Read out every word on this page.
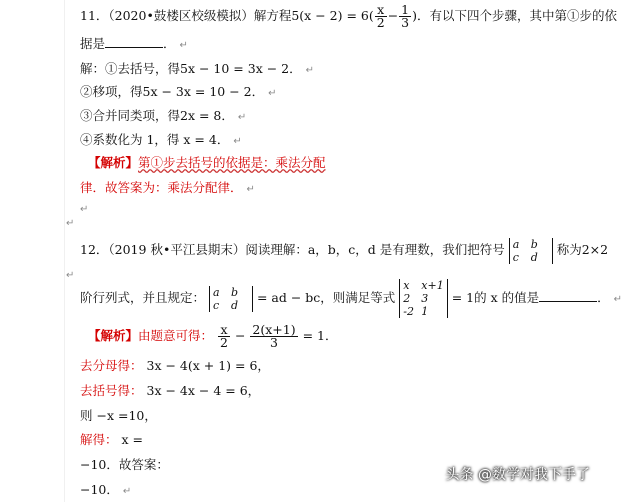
11．（2020•鼓楼区校级模拟）解方程$5(x - 2) = 6( \frac{x}{2} - \frac{1}{3}$ )．有以下四个步骤，其中第①步的依
据是	． ↵
解：①去括号，得5x − 10 = 3x − 2． ↵
②移项，得5x − 3x = 10 − 2． ↵
③合并同类项，得2x = 8． ↵
④系数化为 1，得 x = 4． ↵
【解析】第①步去括号的依据是：乘法分配
律．故答案为：乘法分配律． ↵
↵
↵
12．（2019 秋•平江县期末）阅读理解：a，b，c，d 是有理数，我们把符号 a b
c d	称为2×2
↵
阶行列式，并且规定： a b
c d	= ad − bc，则满足等式
x x+1
2 3
-2 1
= 1的 x 的值是	． ↵
【解析】由题意可得： $\frac{x}{2} - \frac{2(x+1)}{3} = 1$．
去分母得： 3x − 4(x + 1) = 6，
去括号得： 3x − 4x − 4 = 6，
则 −x =10，
解得： x =
−10．故答案：
−10． ↵
头条 @数学对我下手了
